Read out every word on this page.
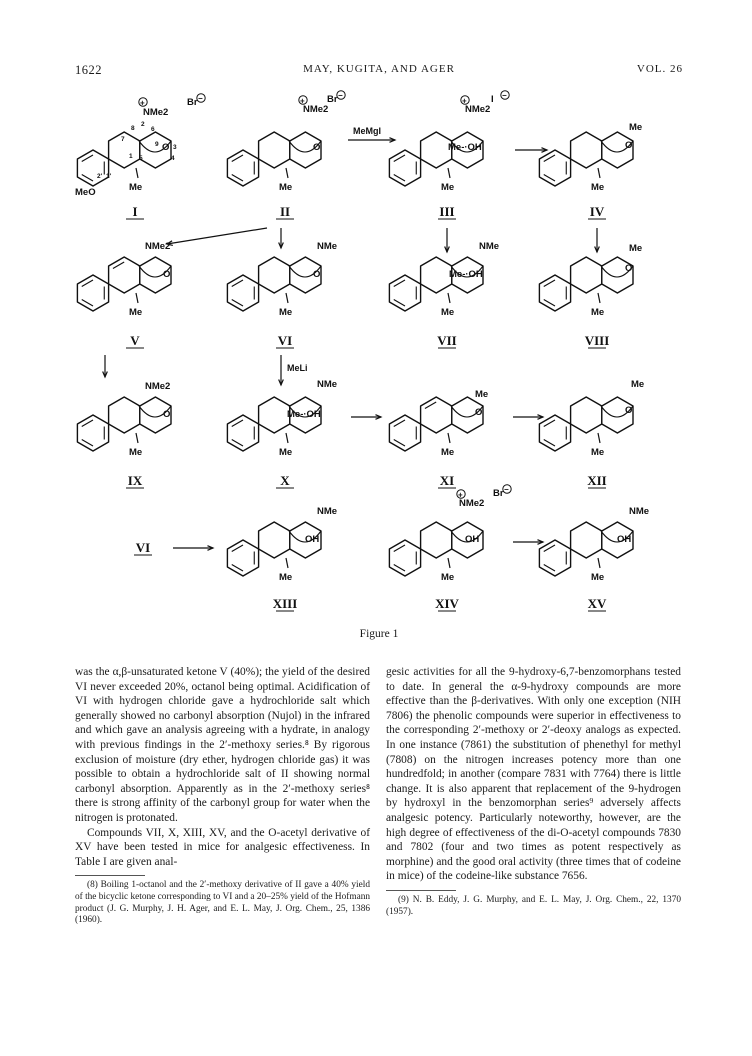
1622	MAY, KUGITA, AND AGER	VOL. 26
NMe2
+	Br −
O
Me
MeO
2
9
8
7
6
5
3
4
1
1'
2'
NMe2
+ Br −
O
Me
MeMgI
NMe2
+	I −
Me-·OH
Me
Me
O
Me
I	II	III	IV
NMe2
O
Me
NMe
O
Me
NMe
Me-·OH
Me
Me
O
Me
V	VI	VII	VIII
MeLi
NMe2
O
Me
NMe
Me-·OH
Me
Me
O
Me
Me
O
Me
IX	X	XI	XII
VI
NMe
OH
Me
NMe2
+	Br −
OH
Me
NMe
OH
Me
XIII	XIV	XV
Figure 1

was the α,β-unsaturated ketone V (40%); the yield of the desired VI never exceeded 20%, octanol being optimal. Acidification of VI with hydrogen chloride gave a hydrochloride salt which generally showed no carbonyl absorption (Nujol) in the infrared and which gave an analysis agreeing with a hydrate, in analogy with previous findings in the 2′-methoxy series.⁸ By rigorous exclusion of moisture (dry ether, hydrogen chloride gas) it was possible to obtain a hydrochloride salt of II showing normal carbonyl absorption. Apparently as in the 2′-methoxy series⁸ there is strong affinity of the carbonyl group for water when the nitrogen is protonated.

Compounds VII, X, XIII, XV, and the O-acetyl derivative of XV have been tested in mice for analgesic effectiveness. In Table I are given anal-

(8) Boiling 1-octanol and the 2′-methoxy derivative of II gave a 40% yield of the bicyclic ketone corresponding to VI and a 20–25% yield of the Hofmann product (J. G. Murphy, J. H. Ager, and E. L. May, J. Org. Chem., 25, 1386 (1960).

gesic activities for all the 9-hydroxy-6,7-benzomorphans tested to date. In general the α-9-hydroxy compounds are more effective than the β-derivatives. With only one exception (NIH 7806) the phenolic compounds were superior in effectiveness to the corresponding 2′-methoxy or 2′-deoxy analogs as expected. In one instance (7861) the substitution of phenethyl for methyl (7808) on the nitrogen increases potency more than one hundredfold; in another (compare 7831 with 7764) there is little change. It is also apparent that replacement of the 9-hydrogen by hydroxyl in the benzomorphan series⁹ adversely affects analgesic potency. Particularly noteworthy, however, are the high degree of effectiveness of the di-O-acetyl compounds 7830 and 7802 (four and two times as potent respectively as morphine) and the good oral activity (three times that of codeine in mice) of the codeine-like substance 7656.

(9) N. B. Eddy, J. G. Murphy, and E. L. May, J. Org. Chem., 22, 1370 (1957).
